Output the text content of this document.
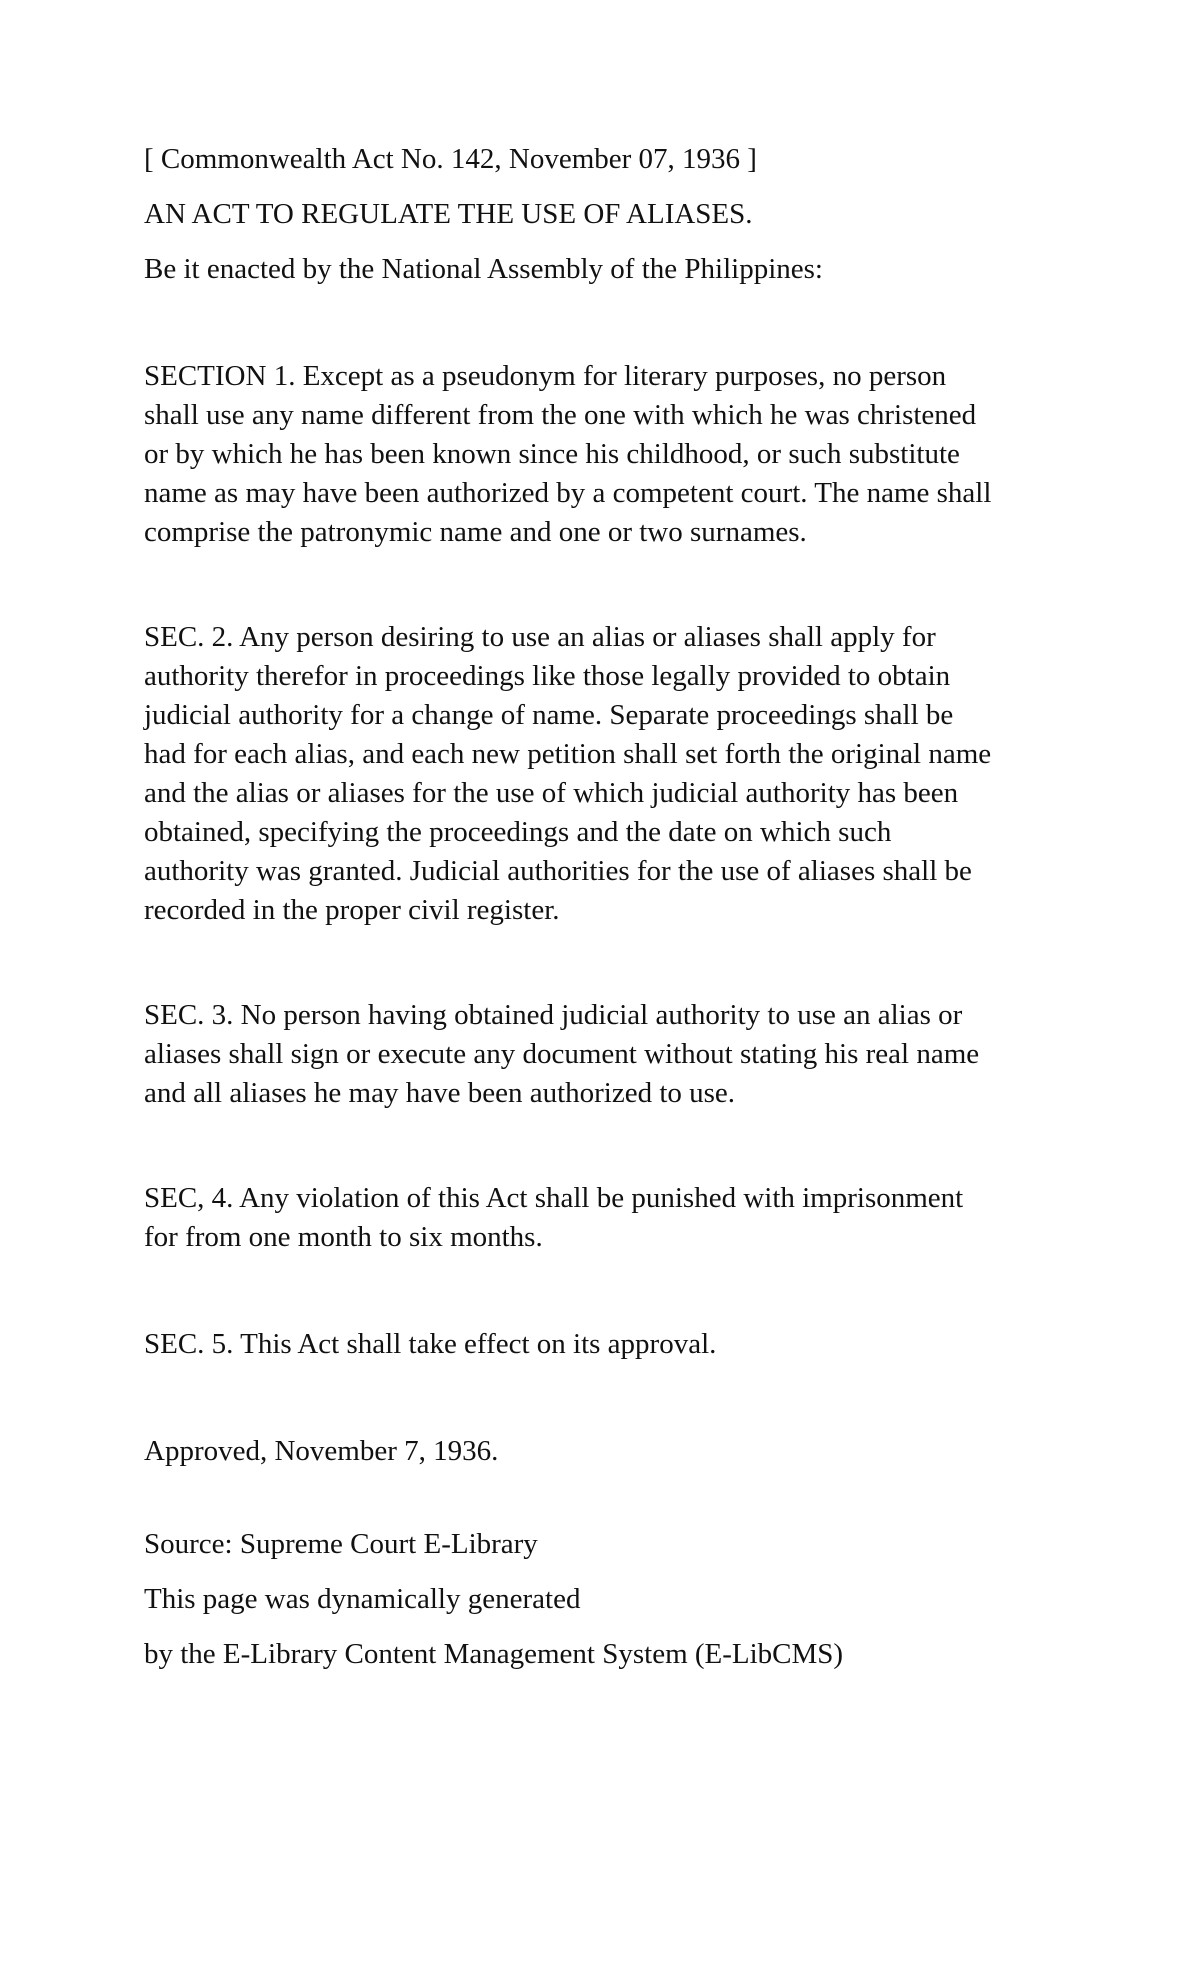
[ Commonwealth Act No. 142, November 07, 1936 ]

AN ACT TO REGULATE THE USE OF ALIASES.

Be it enacted by the National Assembly of the Philippines:

SECTION 1. Except as a pseudonym for literary purposes, no person
shall use any name different from the one with which he was christened
or by which he has been known since his childhood, or such substitute
name as may have been authorized by a competent court. The name shall
comprise the patronymic name and one or two surnames.

SEC. 2. Any person desiring to use an alias or aliases shall apply for
authority therefor in proceedings like those legally provided to obtain
judicial authority for a change of name. Separate proceedings shall be
had for each alias, and each new petition shall set forth the original name
and the alias or aliases for the use of which judicial authority has been
obtained, specifying the proceedings and the date on which such
authority was granted. Judicial authorities for the use of aliases shall be
recorded in the proper civil register.

SEC. 3. No person having obtained judicial authority to use an alias or
aliases shall sign or execute any document without stating his real name
and all aliases he may have been authorized to use.

SEC, 4. Any violation of this Act shall be punished with imprisonment
for from one month to six months.

SEC. 5. This Act shall take effect on its approval.

Approved, November 7, 1936.

Source: Supreme Court E-Library

This page was dynamically generated

by the E-Library Content Management System (E-LibCMS)
